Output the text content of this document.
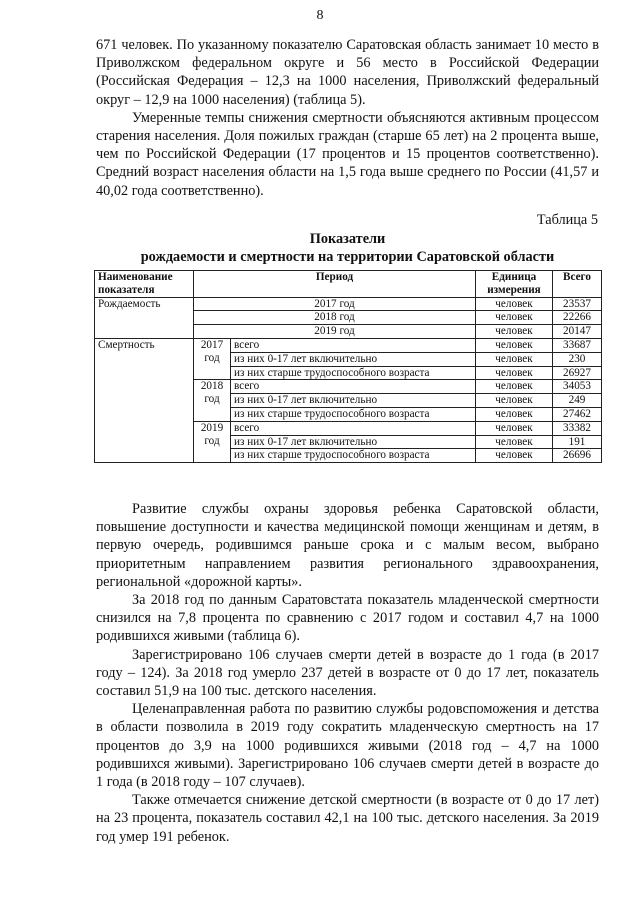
8

671 человек. По указанному показателю Саратовская область занимает 10 место в Приволжском федеральном округе и 56 место в Российской Федерации (Российская Федерация – 12,3 на 1000 населения, Приволжский федеральный округ – 12,9 на 1000 населения) (таблица 5).

Умеренные темпы снижения смертности объясняются активным процессом старения населения. Доля пожилых граждан (старше 65 лет) на 2 процента выше, чем по Российской Федерации (17 процентов и 15 процентов соответственно). Средний возраст населения области на 1,5 года выше среднего по России (41,57 и 40,02 года соответственно).

Таблица 5
Показатели
рождаемости и смертности на территории Саратовской области
Наименование показателя	Период		Единица измерения	Всего
Рождаемость	2017 год		человек	23537
	2018 год		человек	22266
	2019 год		человек	20147
Смертность	2017 год	всего	человек	33687
		из них 0-17 лет включительно	человек	230
		из них старше трудоспособного возраста	человек	26927
	2018 год	всего	человек	34053
		из них 0-17 лет включительно	человек	249
		из них старше трудоспособного возраста	человек	27462
	2019 год	всего	человек	33382
		из них 0-17 лет включительно	человек	191
		из них старше трудоспособного возраста	человек	26696

Развитие службы охраны здоровья ребенка Саратовской области, повышение доступности и качества медицинской помощи женщинам и детям, в первую очередь, родившимся раньше срока и с малым весом, выбрано приоритетным направлением развития регионального здравоохранения, региональной «дорожной карты».

За 2018 год по данным Саратовстата показатель младенческой смертности снизился на 7,8 процента по сравнению с 2017 годом и составил 4,7 на 1000 родившихся живыми (таблица 6).

Зарегистрировано 106 случаев смерти детей в возрасте до 1 года (в 2017 году – 124). За 2018 год умерло 237 детей в возрасте от 0 до 17 лет, показатель составил 51,9 на 100 тыс. детского населения.

Целенаправленная работа по развитию службы родовспоможения и детства в области позволила в 2019 году сократить младенческую смертность на 17 процентов до 3,9 на 1000 родившихся живыми (2018 год – 4,7 на 1000 родившихся живыми). Зарегистрировано 106 случаев смерти детей в возрасте до 1 года (в 2018 году – 107 случаев).

Также отмечается снижение детской смертности (в возрасте от 0 до 17 лет) на 23 процента, показатель составил 42,1 на 100 тыс. детского населения. За 2019 год умер 191 ребенок.
